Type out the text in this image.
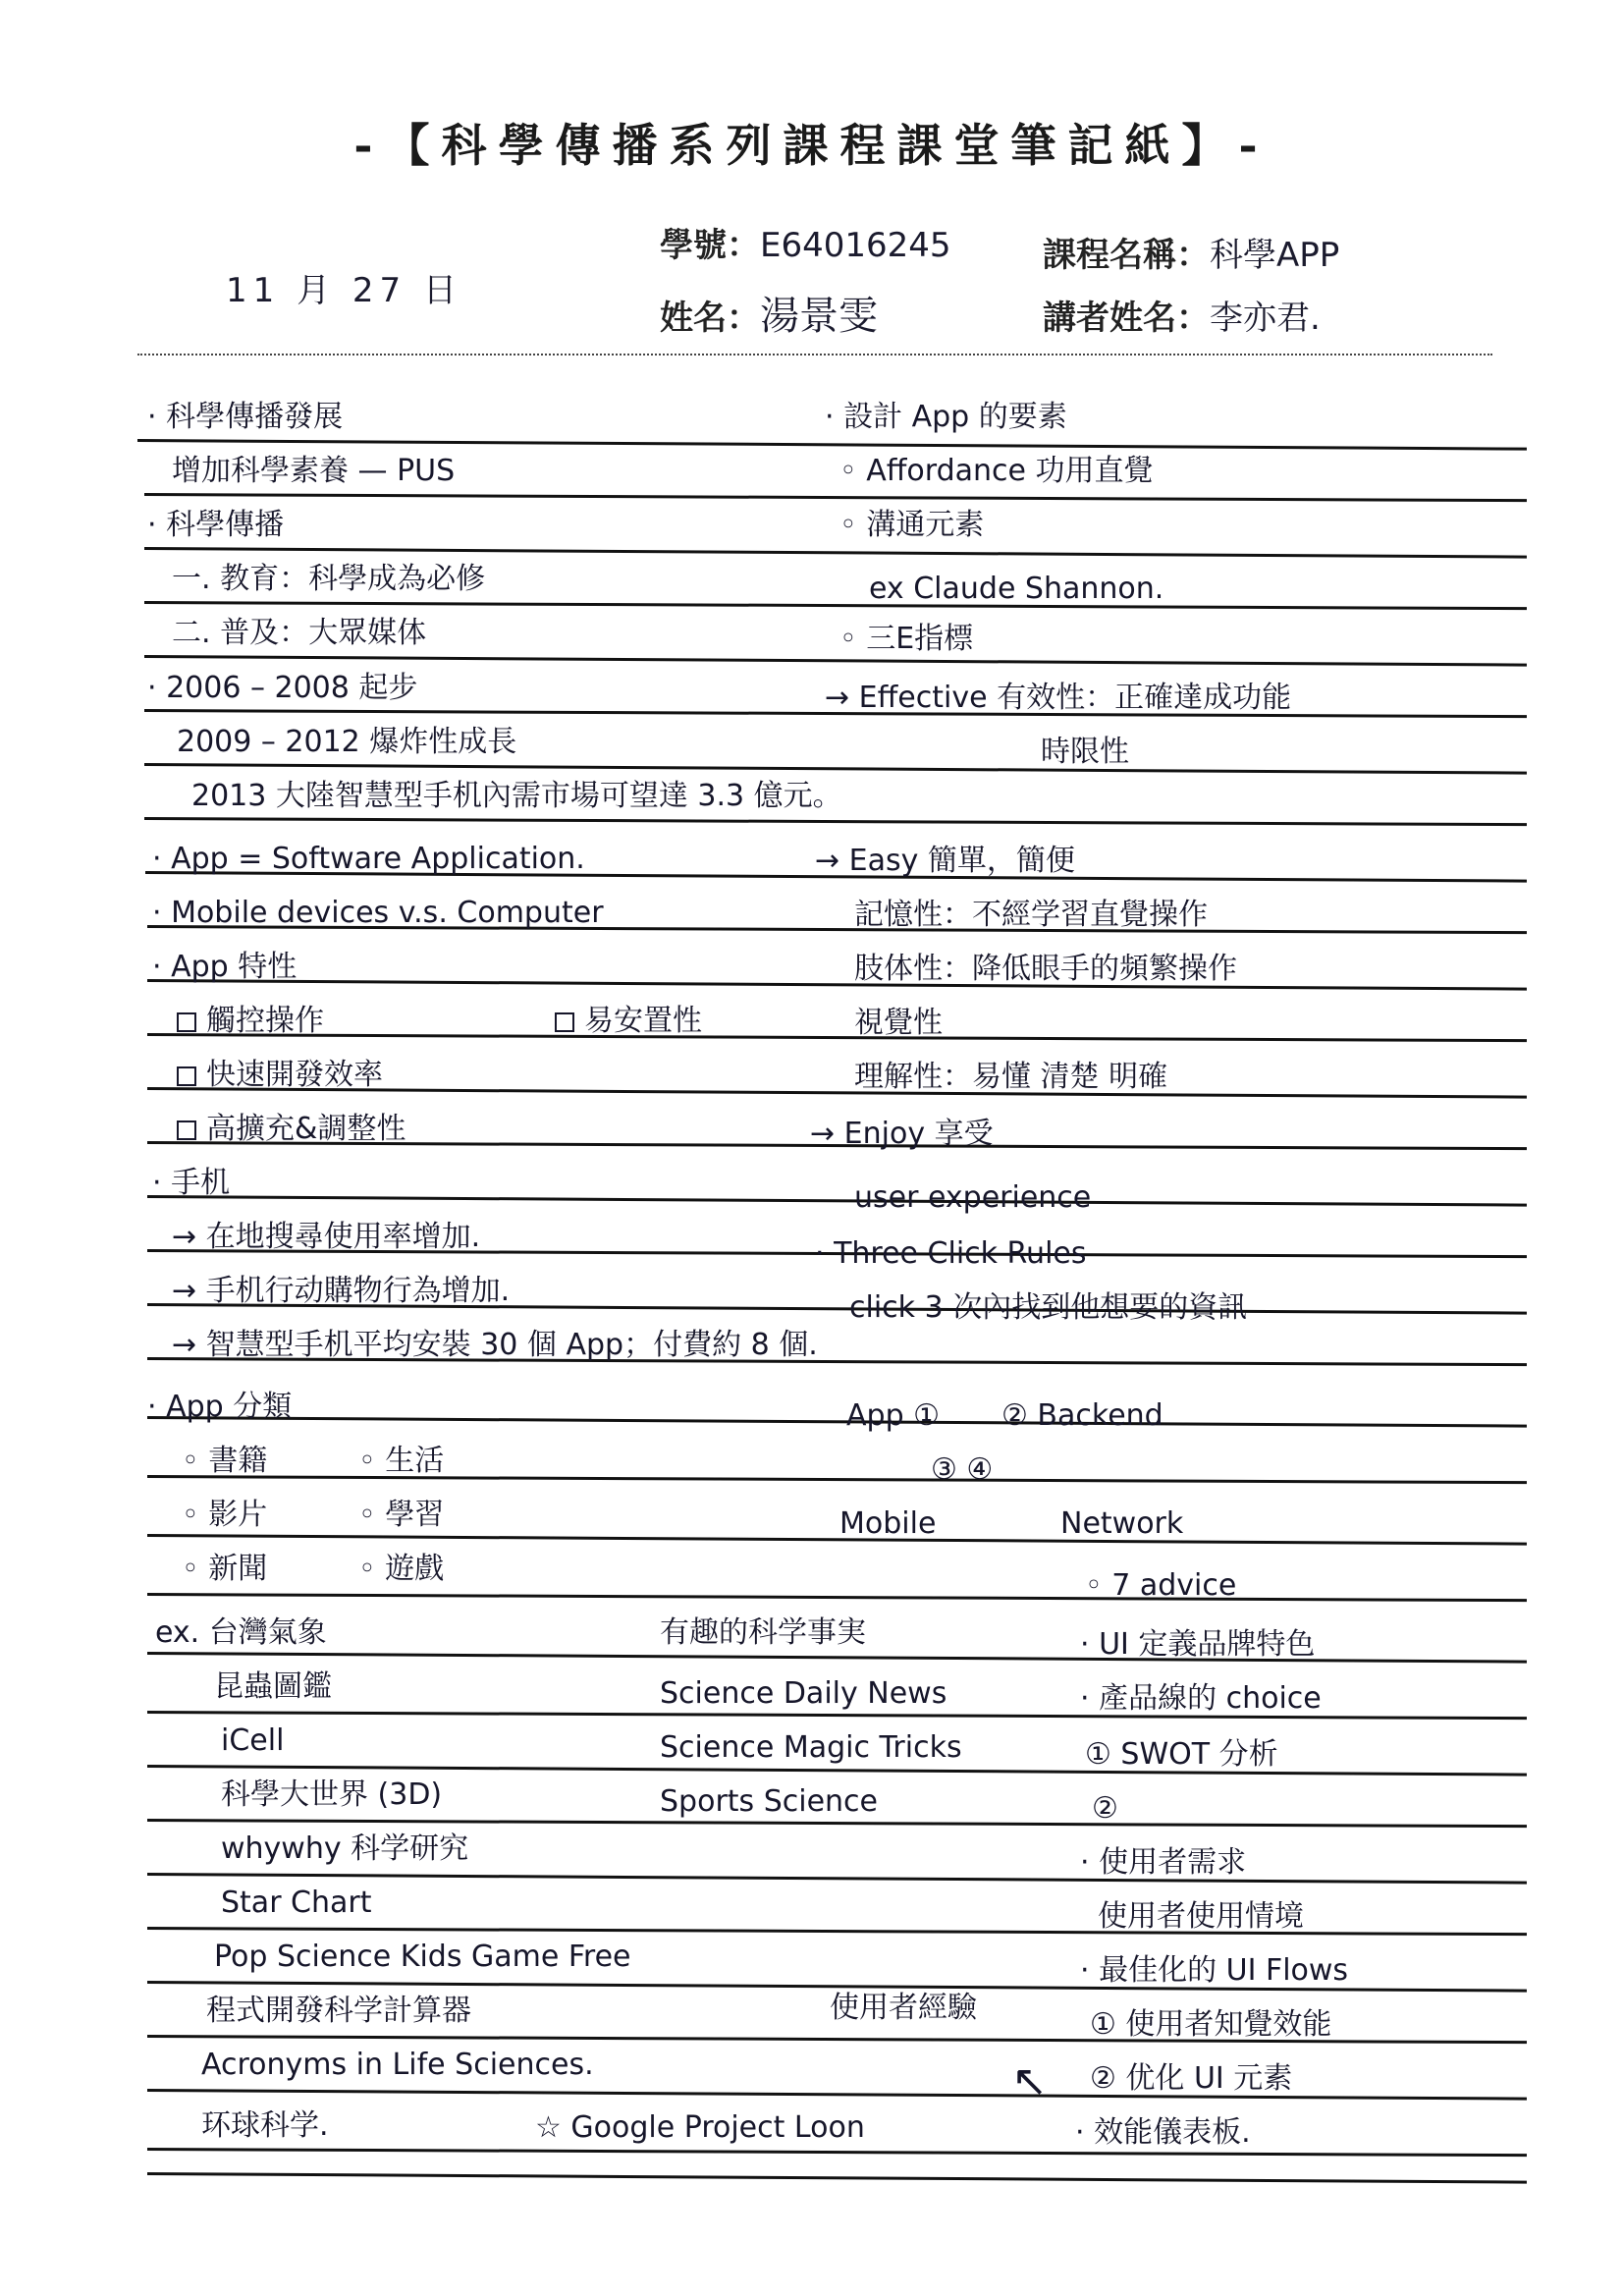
-【科學傳播系列課程課堂筆記紙】-
學號：E64016245
姓名：湯景雯
課程名稱：科學APP
講者姓名：李亦君.
11 月 27 日
· 科學傳播發展
增加科學素養 — PUS
· 科學傳播
一. 教育：科學成為必修
二. 普及：大眾媒体
· 2006 – 2008 起步
2009 – 2012 爆炸性成長
2013 大陸智慧型手机內需市場可望達 3.3 億元。
· App = Software Application.
· Mobile devices v.s. Computer
· App 特性
觸控操作	易安置性
快速開發效率
高擴充&調整性
· 手机
→ 在地搜尋使用率增加.
→ 手机行动購物行為增加.
→ 智慧型手机平均安裝 30 個 App；付費約 8 個.
· App 分類
◦ 書籍	◦ 生活
◦ 影片	◦ 學習
◦ 新聞	◦ 遊戲
ex. 台灣氣象
昆蟲圖鑑
iCell
科學大世界 (3D)
whywhy 科学研究
Star Chart
Pop Science Kids Game Free
程式開發科学計算器
Acronyms in Life Sciences.
环球科学.	☆ Google Project Loon
有趣的科学事実
Science Daily News
Science Magic Tricks
Sports Science
使用者經驗
↖
· 設計 App 的要素
◦ Affordance 功用直覺
◦ 溝通元素
ex Claude Shannon.
◦ 三E指標
→ Effective 有效性：正確達成功能
時限性
→ Easy 簡單，簡便
記憶性：不經学習直覺操作
肢体性：降低眼手的頻繁操作
視覺性
理解性：易懂 清楚 明確
→ Enjoy 享受
user experience
· Three Click Rules
click 3 次內找到他想要的資訊
App ① ② Backend
③ ④
Mobile	Network
◦ 7 advice
· UI 定義品牌特色
· 產品線的 choice
① SWOT 分析
②
· 使用者需求
使用者使用情境
· 最佳化的 UI Flows
① 使用者知覺效能
② 优化 UI 元素
· 效能儀表板.
